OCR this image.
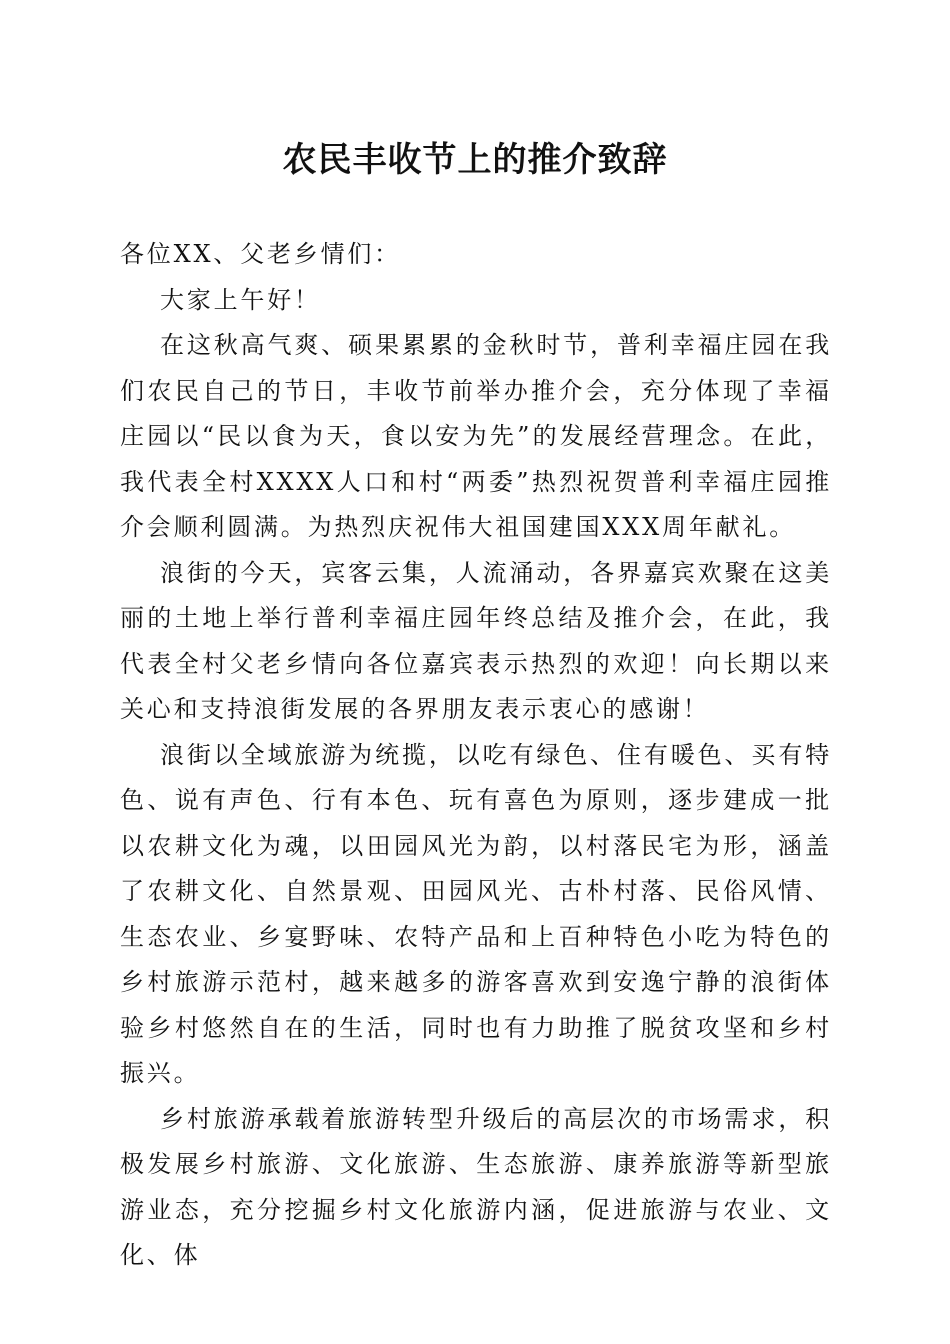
农民丰收节上的推介致辞

各位XX、父老乡情们：

大家上午好！

在这秋高气爽、硕果累累的金秋时节，普利幸福庄园在我们农民自己的节日，丰收节前举办推介会，充分体现了幸福庄园以“民以食为天，食以安为先”的发展经营理念。在此，我代表全村XXXX人口和村“两委”热烈祝贺普利幸福庄园推介会顺利圆满。为热烈庆祝伟大祖国建国XXX周年献礼。

浪街的今天，宾客云集，人流涌动，各界嘉宾欢聚在这美丽的土地上举行普利幸福庄园年终总结及推介会，在此，我代表全村父老乡情向各位嘉宾表示热烈的欢迎！向长期以来关心和支持浪街发展的各界朋友表示衷心的感谢！

浪街以全域旅游为统揽，以吃有绿色、住有暖色、买有特色、说有声色、行有本色、玩有喜色为原则，逐步建成一批以农耕文化为魂，以田园风光为韵，以村落民宅为形，涵盖了农耕文化、自然景观、田园风光、古朴村落、民俗风情、生态农业、乡宴野味、农特产品和上百种特色小吃为特色的乡村旅游示范村，越来越多的游客喜欢到安逸宁静的浪街体验乡村悠然自在的生活，同时也有力助推了脱贫攻坚和乡村振兴。

乡村旅游承载着旅游转型升级后的高层次的市场需求，积极发展乡村旅游、文化旅游、生态旅游、康养旅游等新型旅游业态，充分挖掘乡村文化旅游内涵，促进旅游与农业、文化、体
